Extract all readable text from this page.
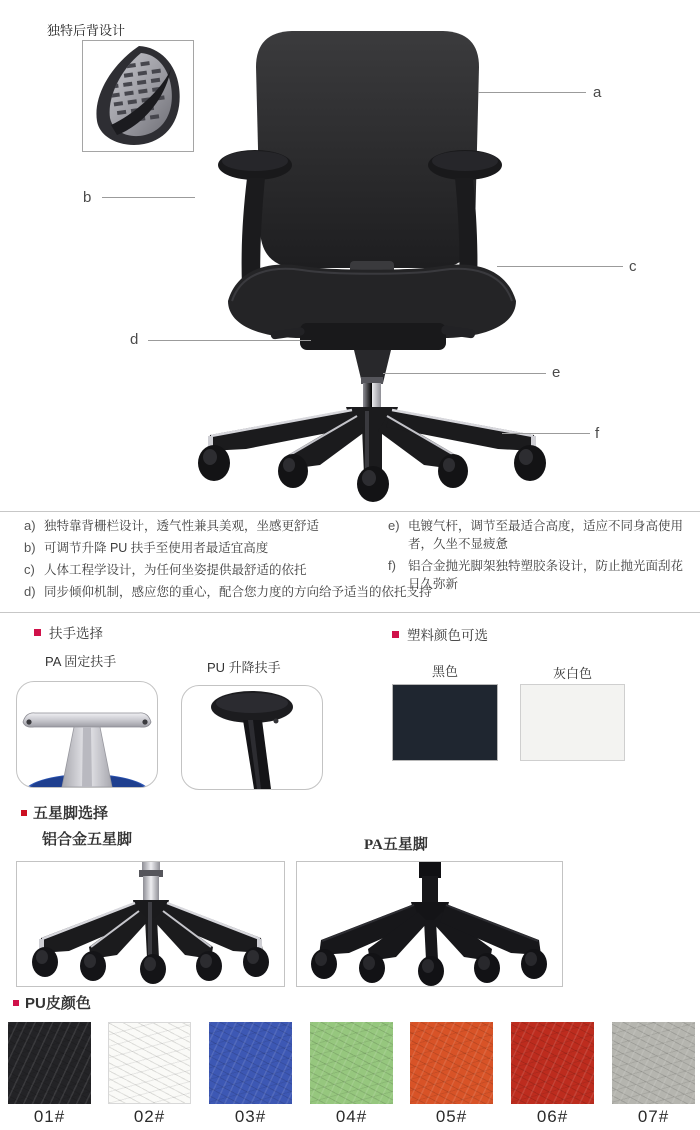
独特后背设计
a
b
c
d
e
f
a) 独特靠背栅栏设计，透气性兼具美观，坐感更舒适

b) 可调节升降 PU 扶手至使用者最适宜高度

c) 人体工程学设计，为任何坐姿提供最舒适的依托

d) 同步倾仰机制，感应您的重心，配合您力度的方向给予适当的依托支持

e) 电镀气杆，调节至最适合高度，适应不同身高使用者，久坐不显疲惫

f) 铝合金抛光脚架独特塑胶条设计，防止抛光面刮花 日久弥新

扶手选择
PA 固定扶手	PU 升降扶手
塑料颜色可选
黑色	灰白色
五星脚选择
铝合金五星脚	PA五星脚
PU皮颜色
01#	02#	03#	04#	05#	06#	07#
